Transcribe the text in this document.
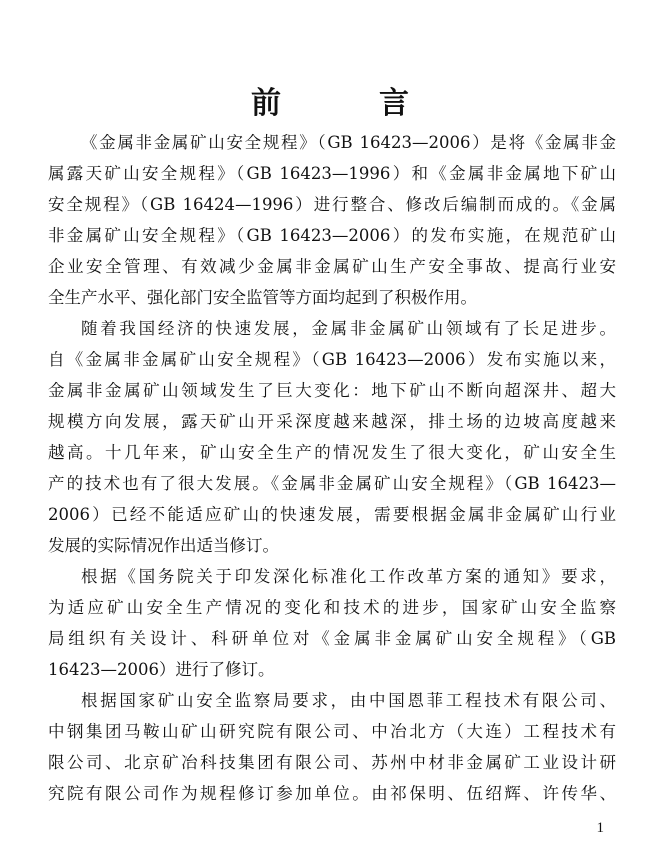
前	言
《金属非金属矿山安全规程》（GB 16423—2006）是将《金属非金
属露天矿山安全规程》（GB 16423—1996）和《金属非金属地下矿山
安全规程》（GB 16424—1996）进行整合、修改后编制而成的。《金属
非金属矿山安全规程》（GB 16423—2006）的发布实施，在规范矿山
企业安全管理、有效减少金属非金属矿山生产安全事故、提高行业安
全生产水平、强化部门安全监管等方面均起到了积极作用。
随着我国经济的快速发展，金属非金属矿山领域有了长足进步。
自《金属非金属矿山安全规程》（GB 16423—2006）发布实施以来，
金属非金属矿山领域发生了巨大变化：地下矿山不断向超深井、超大
规模方向发展，露天矿山开采深度越来越深，排土场的边坡高度越来
越高。十几年来，矿山安全生产的情况发生了很大变化，矿山安全生
产的技术也有了很大发展。《金属非金属矿山安全规程》（GB 16423—
2006）已经不能适应矿山的快速发展，需要根据金属非金属矿山行业
发展的实际情况作出适当修订。
根据《国务院关于印发深化标准化工作改革方案的通知》要求，
为适应矿山安全生产情况的变化和技术的进步，国家矿山安全监察
局组织有关设计、科研单位对《金属非金属矿山安全规程》（GB
16423—2006）进行了修订。
根据国家矿山安全监察局要求，由中国恩菲工程技术有限公司、
中钢集团马鞍山矿山研究院有限公司、中冶北方（大连）工程技术有
限公司、北京矿冶科技集团有限公司、苏州中材非金属矿工业设计研
究院有限公司作为规程修订参加单位。由祁保明、伍绍辉、许传华、
1
